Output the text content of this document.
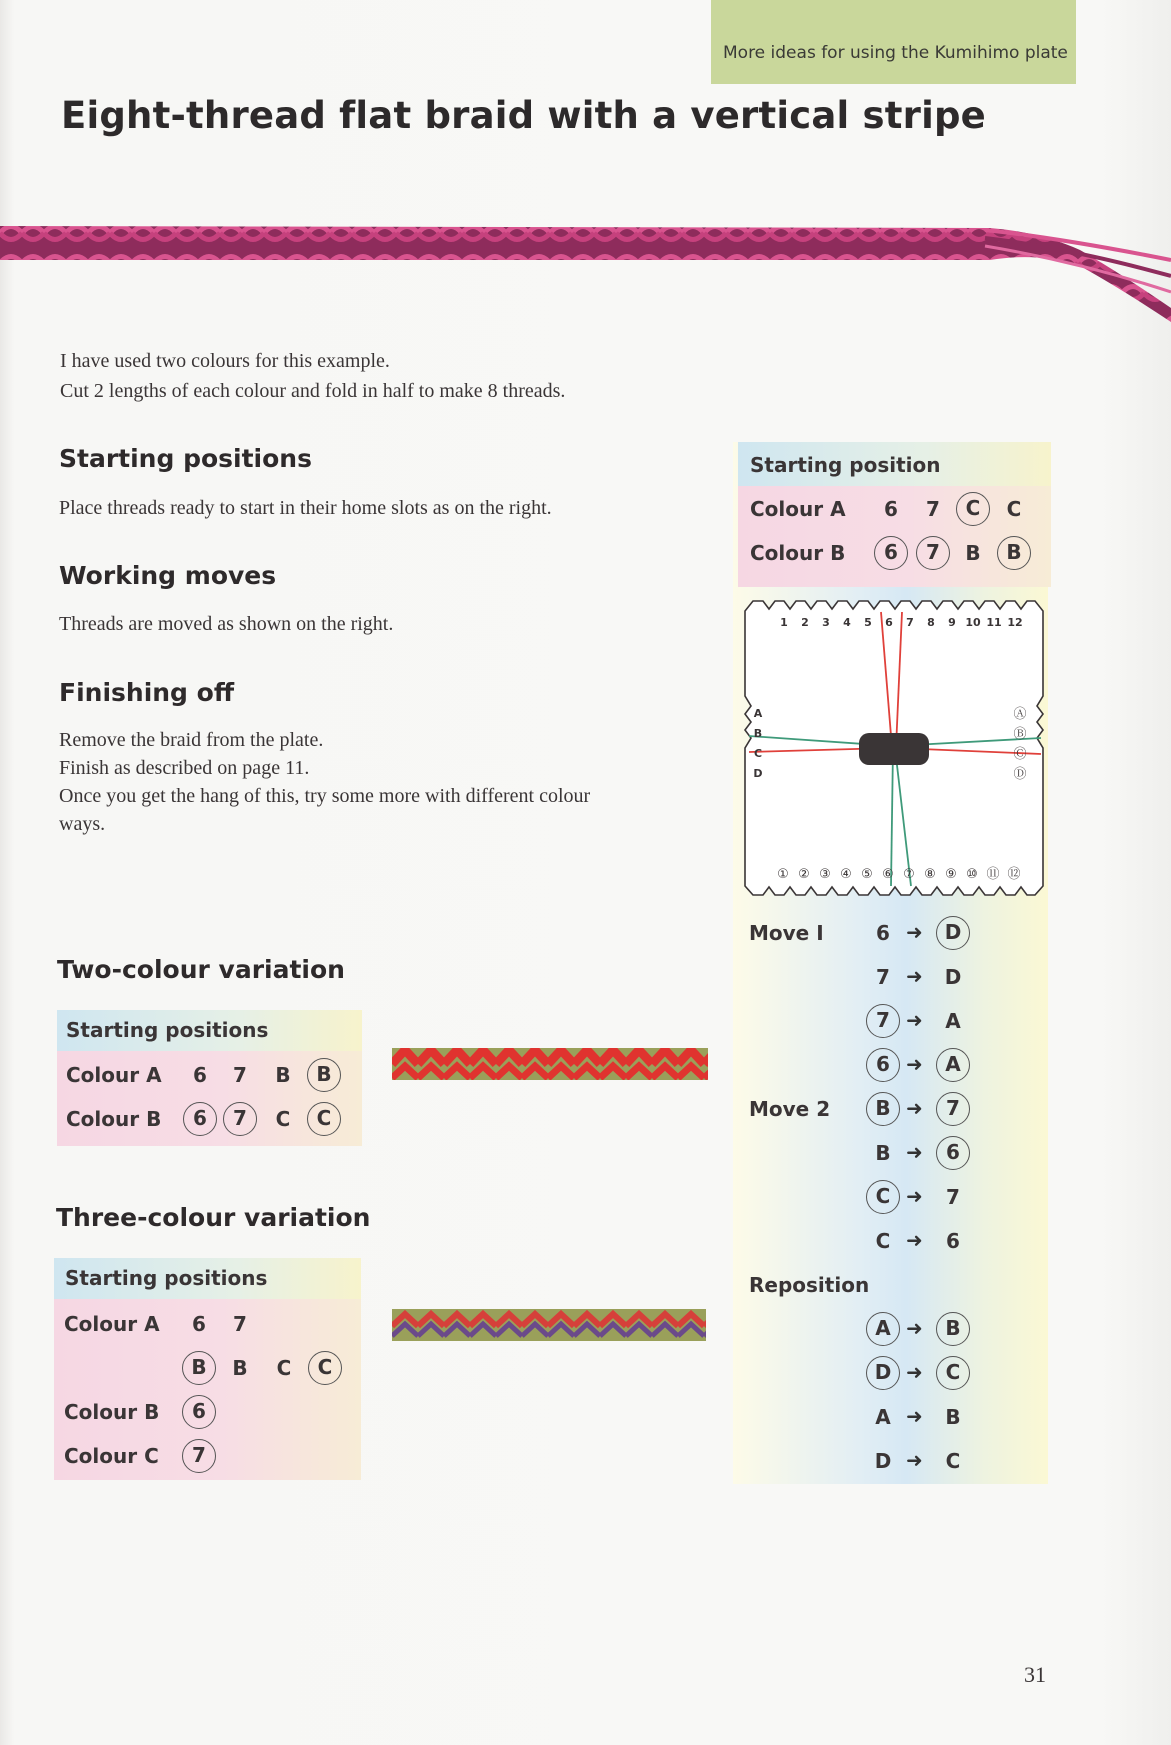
More ideas for using the Kumihimo plate
Eight-thread flat braid with a vertical stripe
I have used two colours for this example.
Cut 2 lengths of each colour and fold in half to make 8 threads.
Starting positions
Place threads ready to start in their home slots as on the right.
Working moves
Threads are moved as shown on the right.
Finishing off
Remove the braid from the plate.
Finish as described on page 11.
Once you get the hang of this, try some more with different colour
ways.
Two-colour variation
Starting positions
Colour A	6	7	B	B
Colour B	6	7	C	C
Three-colour variation
Starting positions
Colour A	6	7
B	B	C	C
Colour B	6
Colour C	7
Starting position
Colour A	6	7	C	C
Colour B	6	7	B	B
1 2 3 4 5 6 7 8 9 10 11 12
① ② ③ ④ ⑤ ⑥ ⑦ ⑧ ⑨ ⑩ ⑪ ⑫
A
B
C
D
Ⓐ
Ⓑ
Ⓒ
Ⓓ
Move I	6 ➜	D
7 ➜	D
7 ➜	A
6 ➜	A
Move 2	B ➜	7
B ➜	6
C ➜	7
C ➜	6
Reposition
A ➜	B
D ➜	C
A ➜	B
D ➜	C
31
